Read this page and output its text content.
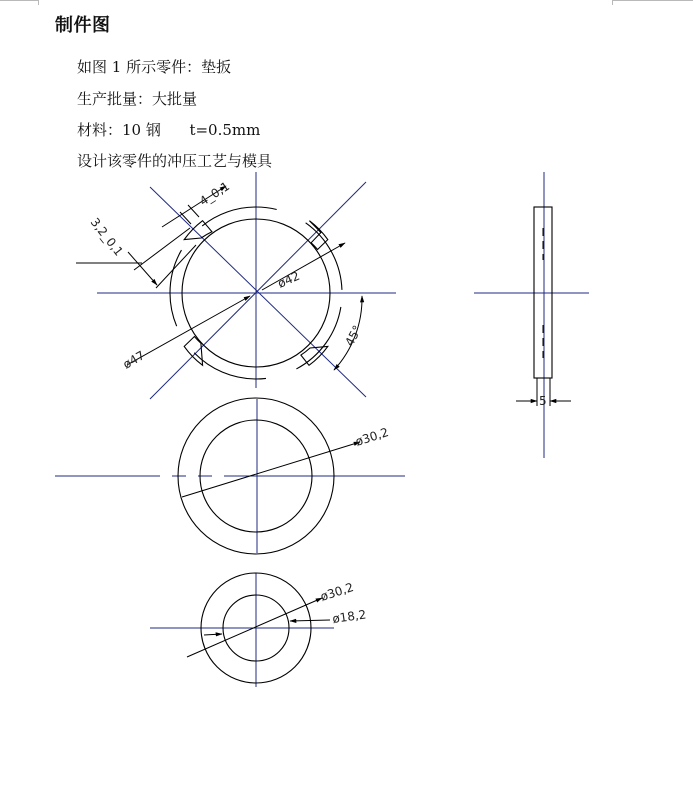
制件图
如图 1 所示零件：垫扳
生产批量：大批量
材料：10 钢      t=0.5mm
设计该零件的冲压工艺与模具
4_0,1
3,2_0,1
ø42
ø47
45°
5
ø30,2
ø30,2
ø18,2
